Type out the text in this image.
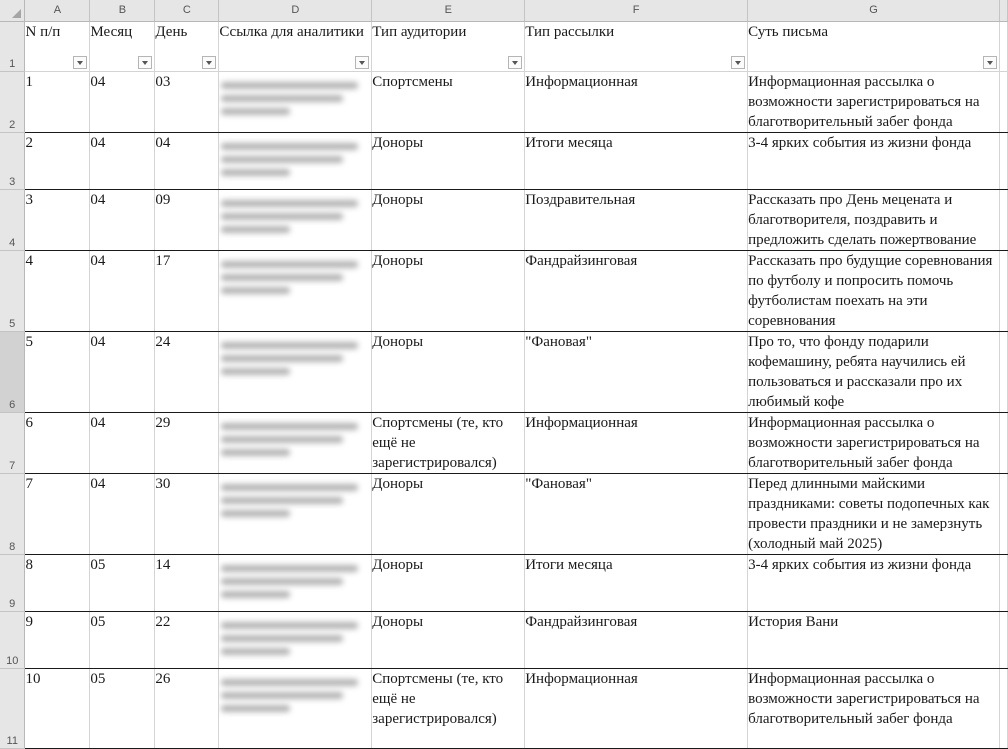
	A	B	C	D	E	F	G	

1	N п/п	Месяц	День	Ссылка для аналитики	Тип аудитории	Тип рассылки	Суть письма

2	1	04	03		Спортсмены	Информационная	Информационная рассылка о возможности зарегистрироваться на благотворительный забег фонда	

3	2	04	04		Доноры	Итоги месяца	3-4 ярких события из жизни фонда	

4	3	04	09		Доноры	Поздравительная	Рассказать про День мецената и благотворителя, поздравить и предложить сделать пожертвование	

5	4	04	17		Доноры	Фандрайзинговая	Рассказать про будущие соревнования по футболу и попросить помочь футболистам поехать на эти соревнования	

6	5	04	24		Доноры	"Фановая"	Про то, что фонду подарили кофемашину, ребята научились ей пользоваться и рассказали про их любимый кофе	

7	6	04	29		Спортсмены (те, кто ещё не зарегистрировался)	Информационная	Информационная рассылка о возможности зарегистрироваться на благотворительный забег фонда	

8	7	04	30		Доноры	"Фановая"	Перед длинными майскими праздниками: советы подопечных как провести праздники и не замерзнуть (холодный май 2025)	

9	8	05	14		Доноры	Итоги месяца	3-4 ярких события из жизни фонда	

10	9	05	22		Доноры	Фандрайзинговая	История Вани	

11	10	05	26		Спортсмены (те, кто ещё не зарегистрировался)	Информационная	Информационная рассылка о возможности зарегистрироваться на благотворительный забег фонда	
